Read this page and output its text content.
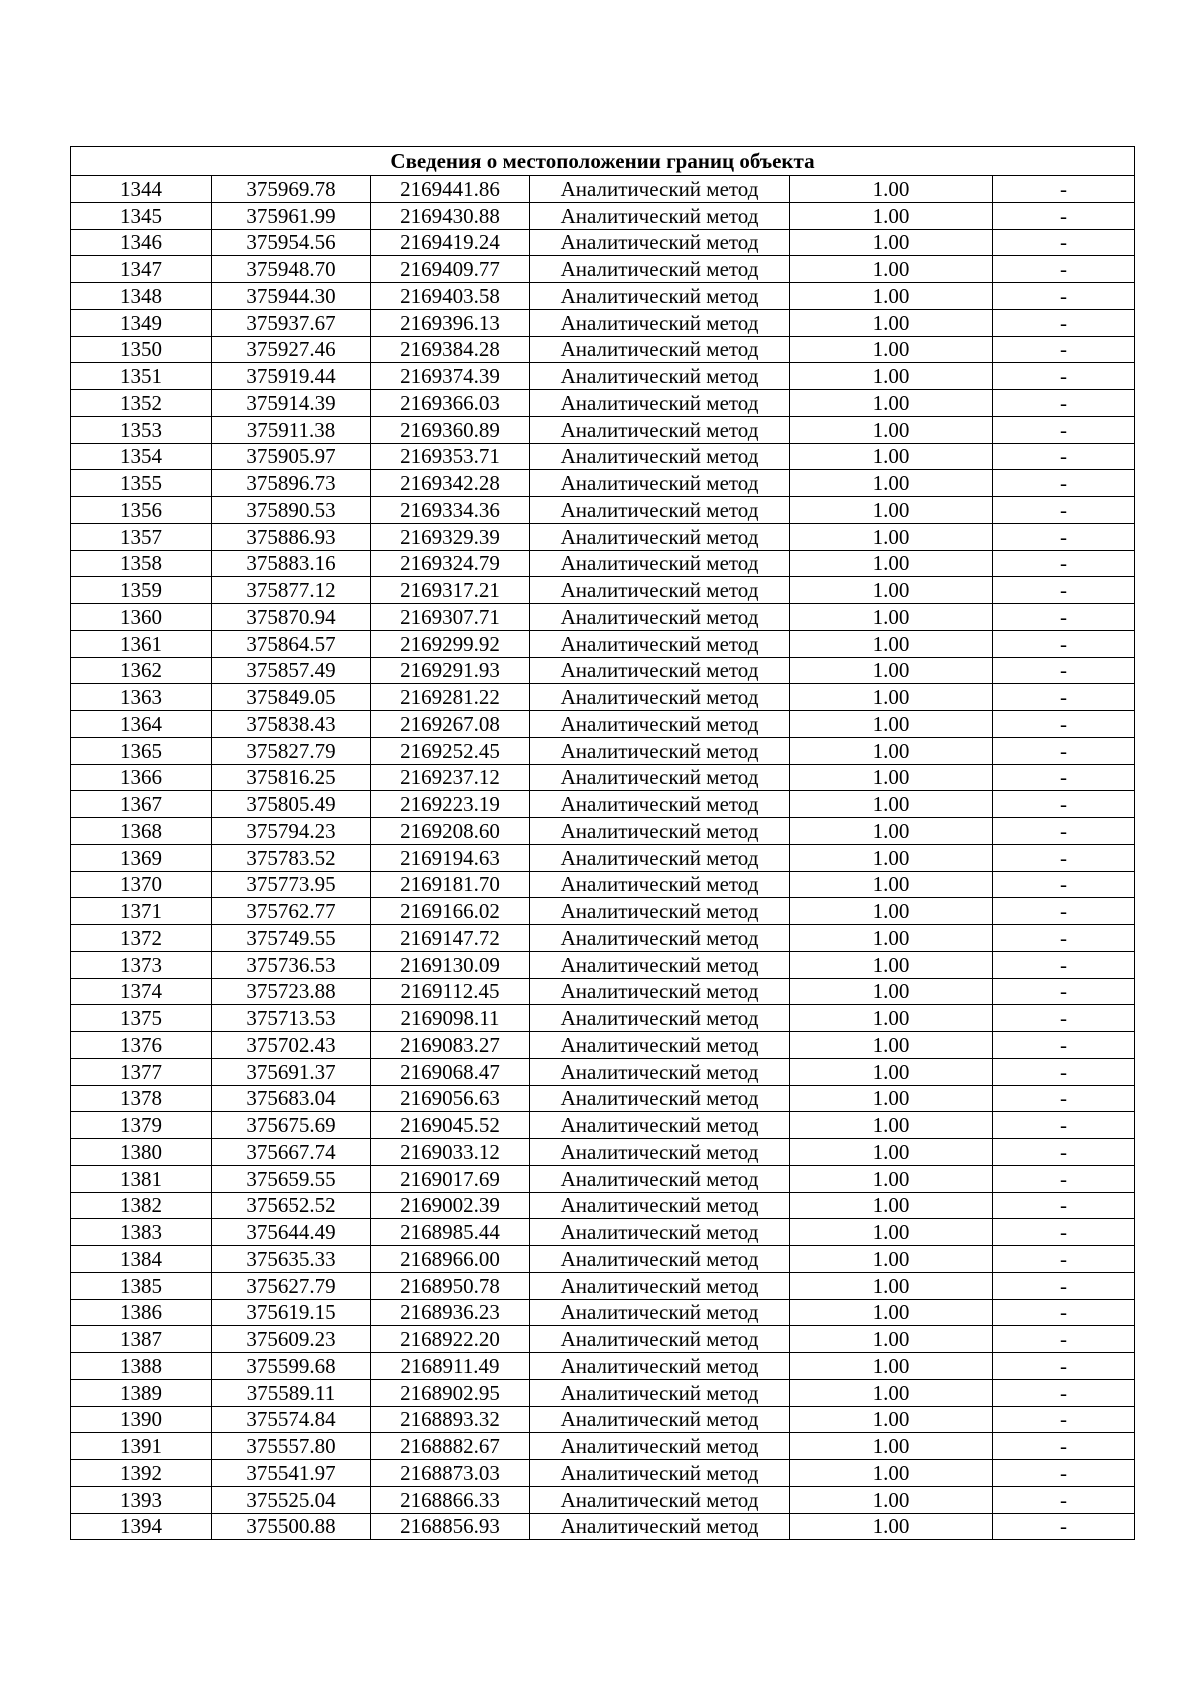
Сведения о местоположении границ объекта					
1344	375969.78	2169441.86	Аналитический метод	1.00	-
1345	375961.99	2169430.88	Аналитический метод	1.00	-
1346	375954.56	2169419.24	Аналитический метод	1.00	-
1347	375948.70	2169409.77	Аналитический метод	1.00	-
1348	375944.30	2169403.58	Аналитический метод	1.00	-
1349	375937.67	2169396.13	Аналитический метод	1.00	-
1350	375927.46	2169384.28	Аналитический метод	1.00	-
1351	375919.44	2169374.39	Аналитический метод	1.00	-
1352	375914.39	2169366.03	Аналитический метод	1.00	-
1353	375911.38	2169360.89	Аналитический метод	1.00	-
1354	375905.97	2169353.71	Аналитический метод	1.00	-
1355	375896.73	2169342.28	Аналитический метод	1.00	-
1356	375890.53	2169334.36	Аналитический метод	1.00	-
1357	375886.93	2169329.39	Аналитический метод	1.00	-
1358	375883.16	2169324.79	Аналитический метод	1.00	-
1359	375877.12	2169317.21	Аналитический метод	1.00	-
1360	375870.94	2169307.71	Аналитический метод	1.00	-
1361	375864.57	2169299.92	Аналитический метод	1.00	-
1362	375857.49	2169291.93	Аналитический метод	1.00	-
1363	375849.05	2169281.22	Аналитический метод	1.00	-
1364	375838.43	2169267.08	Аналитический метод	1.00	-
1365	375827.79	2169252.45	Аналитический метод	1.00	-
1366	375816.25	2169237.12	Аналитический метод	1.00	-
1367	375805.49	2169223.19	Аналитический метод	1.00	-
1368	375794.23	2169208.60	Аналитический метод	1.00	-
1369	375783.52	2169194.63	Аналитический метод	1.00	-
1370	375773.95	2169181.70	Аналитический метод	1.00	-
1371	375762.77	2169166.02	Аналитический метод	1.00	-
1372	375749.55	2169147.72	Аналитический метод	1.00	-
1373	375736.53	2169130.09	Аналитический метод	1.00	-
1374	375723.88	2169112.45	Аналитический метод	1.00	-
1375	375713.53	2169098.11	Аналитический метод	1.00	-
1376	375702.43	2169083.27	Аналитический метод	1.00	-
1377	375691.37	2169068.47	Аналитический метод	1.00	-
1378	375683.04	2169056.63	Аналитический метод	1.00	-
1379	375675.69	2169045.52	Аналитический метод	1.00	-
1380	375667.74	2169033.12	Аналитический метод	1.00	-
1381	375659.55	2169017.69	Аналитический метод	1.00	-
1382	375652.52	2169002.39	Аналитический метод	1.00	-
1383	375644.49	2168985.44	Аналитический метод	1.00	-
1384	375635.33	2168966.00	Аналитический метод	1.00	-
1385	375627.79	2168950.78	Аналитический метод	1.00	-
1386	375619.15	2168936.23	Аналитический метод	1.00	-
1387	375609.23	2168922.20	Аналитический метод	1.00	-
1388	375599.68	2168911.49	Аналитический метод	1.00	-
1389	375589.11	2168902.95	Аналитический метод	1.00	-
1390	375574.84	2168893.32	Аналитический метод	1.00	-
1391	375557.80	2168882.67	Аналитический метод	1.00	-
1392	375541.97	2168873.03	Аналитический метод	1.00	-
1393	375525.04	2168866.33	Аналитический метод	1.00	-
1394	375500.88	2168856.93	Аналитический метод	1.00	-
